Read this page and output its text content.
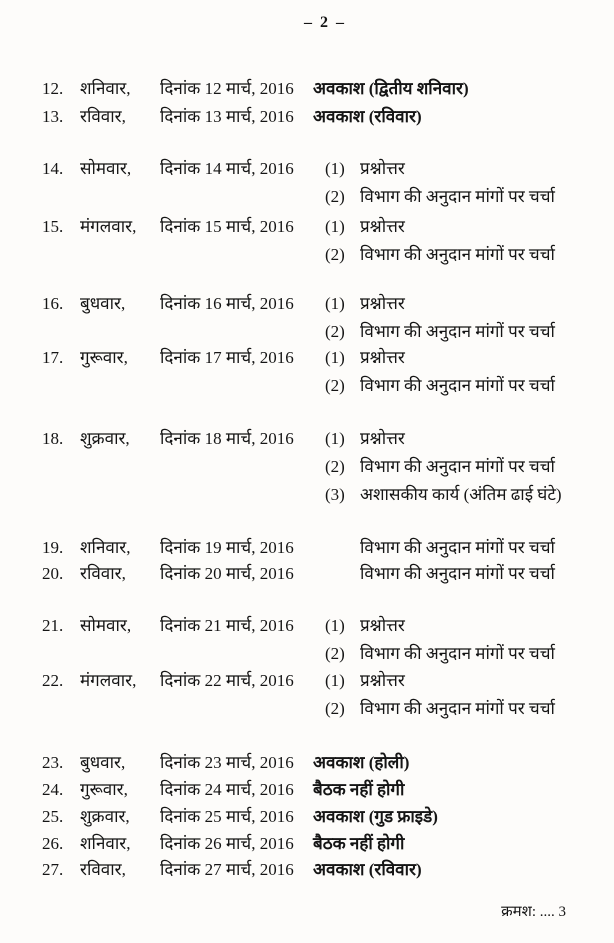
– 2 –
12. शनिवार, दिनांक 12 मार्च, 2016 अवकाश (द्वितीय शनिवार)
13. रविवार, दिनांक 13 मार्च, 2016 अवकाश (रविवार)
14. सोमवार, दिनांक 14 मार्च, 2016	(1) प्रश्नोत्तर
(2) विभाग की अनुदान मांगों पर चर्चा
15. मंगलवार, दिनांक 15 मार्च, 2016	(1) प्रश्नोत्तर
(2) विभाग की अनुदान मांगों पर चर्चा
16. बुधवार, दिनांक 16 मार्च, 2016	(1) प्रश्नोत्तर
(2) विभाग की अनुदान मांगों पर चर्चा
17. गुरूवार, दिनांक 17 मार्च, 2016	(1) प्रश्नोत्तर
(2) विभाग की अनुदान मांगों पर चर्चा
18. शुक्रवार, दिनांक 18 मार्च, 2016	(1) प्रश्नोत्तर
(2) विभाग की अनुदान मांगों पर चर्चा
(3) अशासकीय कार्य (अंतिम ढाई घंटे)
19. शनिवार, दिनांक 19 मार्च, 2016	विभाग की अनुदान मांगों पर चर्चा
20. रविवार, दिनांक 20 मार्च, 2016	विभाग की अनुदान मांगों पर चर्चा
21. सोमवार, दिनांक 21 मार्च, 2016	(1) प्रश्नोत्तर
(2) विभाग की अनुदान मांगों पर चर्चा
22. मंगलवार, दिनांक 22 मार्च, 2016	(1) प्रश्नोत्तर
(2) विभाग की अनुदान मांगों पर चर्चा
23. बुधवार, दिनांक 23 मार्च, 2016 अवकाश (होली)
24. गुरूवार, दिनांक 24 मार्च, 2016 बैठक नहीं होगी
25. शुक्रवार, दिनांक 25 मार्च, 2016 अवकाश (गुड फ्राइडे)
26. शनिवार, दिनांक 26 मार्च, 2016 बैठक नहीं होगी
27. रविवार, दिनांक 27 मार्च, 2016 अवकाश (रविवार)
क्रमश: .... 3
